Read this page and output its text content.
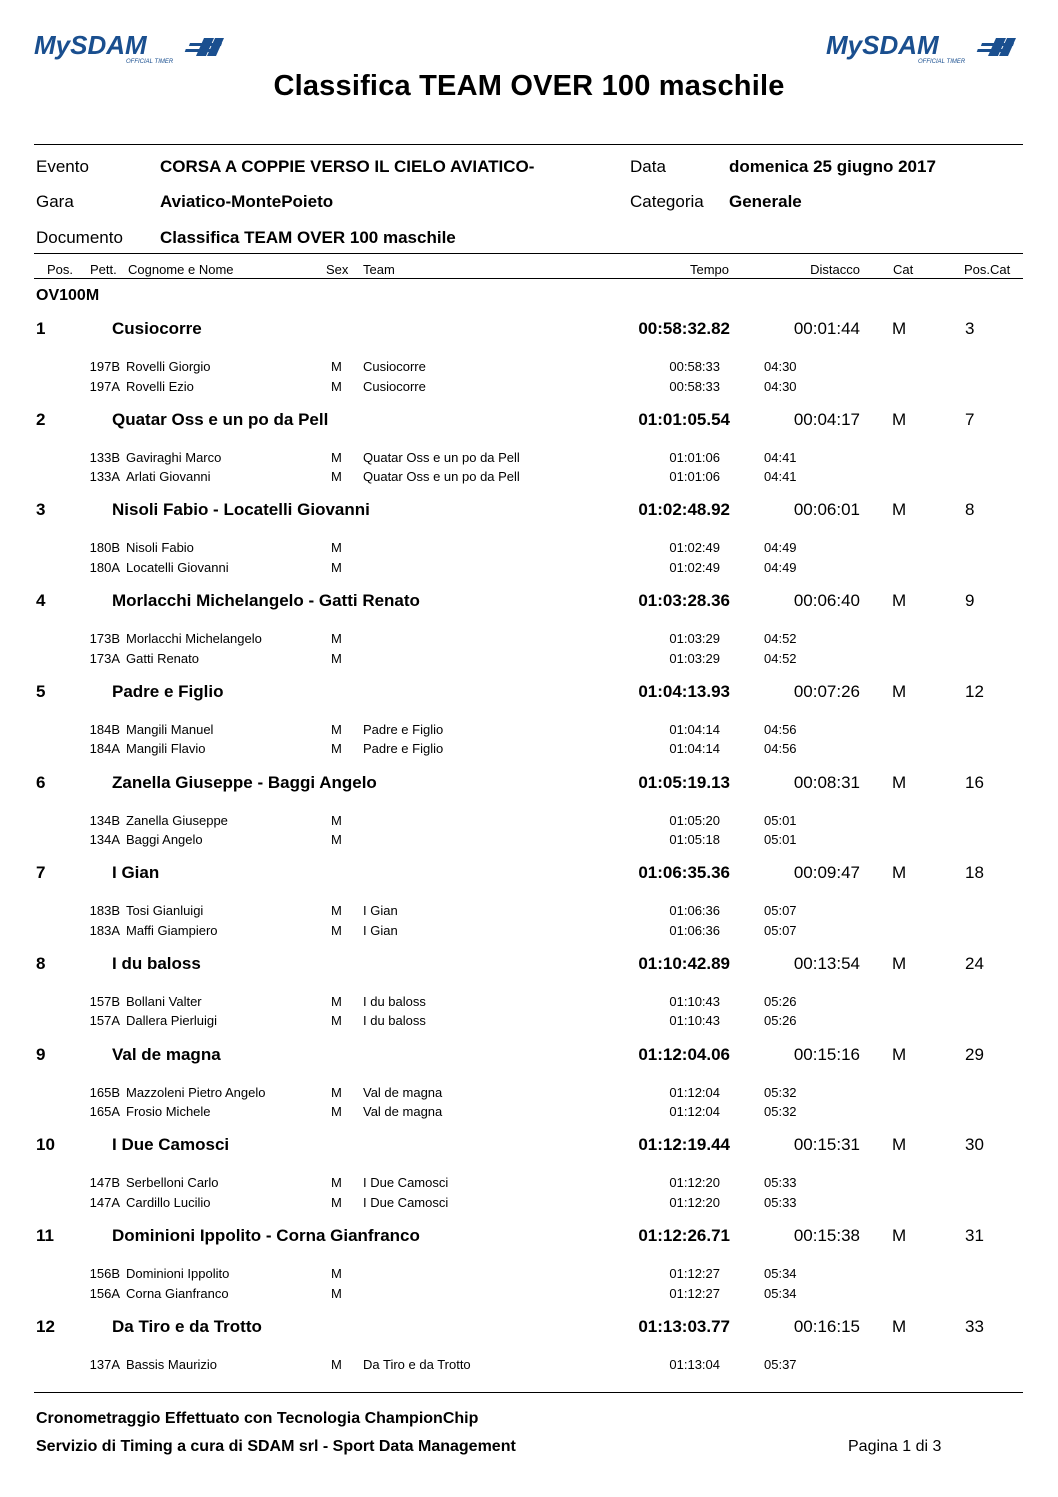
MySDAM
OFFICIAL TIMER
MySDAM
OFFICIAL TIMER
Classifica TEAM OVER 100 maschile
Evento	CORSA A COPPIE VERSO IL CIELO AVIATICO-	Data	domenica 25 giugno 2017
Gara	Aviatico-MontePoieto	Categoria Generale
Documento Classifica TEAM OVER 100 maschile
Pos. Pett. Cognome e Nome	Sex Team	Tempo	Distacco	Cat	Pos.Cat
OV100M
1	Cusiocorre	00:58:32.82	00:01:44 M	3
197B Rovelli Giorgio	M Cusiocorre	00:58:33	04:30
197A Rovelli Ezio	M Cusiocorre	00:58:33	04:30
2	Quatar Oss e un po da Pell	01:01:05.54	00:04:17 M	7
133B Gaviraghi Marco	M Quatar Oss e un po da Pell	01:01:06	04:41
133A Arlati Giovanni	M Quatar Oss e un po da Pell	01:01:06	04:41
3	Nisoli Fabio - Locatelli Giovanni	01:02:48.92	00:06:01 M	8
180B Nisoli Fabio	M	01:02:49	04:49
180A Locatelli Giovanni	M	01:02:49	04:49
4	Morlacchi Michelangelo - Gatti Renato	01:03:28.36	00:06:40 M	9
173B Morlacchi Michelangelo	M	01:03:29	04:52
173A Gatti Renato	M	01:03:29	04:52
5	Padre e Figlio	01:04:13.93	00:07:26 M	12
184B Mangili Manuel	M Padre e Figlio	01:04:14	04:56
184A Mangili Flavio	M Padre e Figlio	01:04:14	04:56
6	Zanella Giuseppe - Baggi Angelo	01:05:19.13	00:08:31 M	16
134B Zanella Giuseppe	M	01:05:20	05:01
134A Baggi Angelo	M	01:05:18	05:01
7	I Gian	01:06:35.36	00:09:47 M	18
183B Tosi Gianluigi	M I Gian	01:06:36	05:07
183A Maffi Giampiero	M I Gian	01:06:36	05:07
8	I du baloss	01:10:42.89	00:13:54 M	24
157B Bollani Valter	M I du baloss	01:10:43	05:26
157A Dallera Pierluigi	M I du baloss	01:10:43	05:26
9	Val de magna	01:12:04.06	00:15:16 M	29
165B Mazzoleni Pietro Angelo	M Val de magna	01:12:04	05:32
165A Frosio Michele	M Val de magna	01:12:04	05:32
10	I Due Camosci	01:12:19.44	00:15:31 M	30
147B Serbelloni Carlo	M I Due Camosci	01:12:20	05:33
147A Cardillo Lucilio	M I Due Camosci	01:12:20	05:33
11	Dominioni Ippolito - Corna Gianfranco	01:12:26.71	00:15:38 M	31
156B Dominioni Ippolito	M	01:12:27	05:34
156A Corna Gianfranco	M	01:12:27	05:34
12	Da Tiro e da Trotto	01:13:03.77	00:16:15 M	33
137A Bassis Maurizio	M Da Tiro e da Trotto	01:13:04	05:37
Cronometraggio Effettuato con Tecnologia ChampionChip
Servizio di Timing a cura di SDAM srl - Sport Data Management	Pagina 1 di 3
